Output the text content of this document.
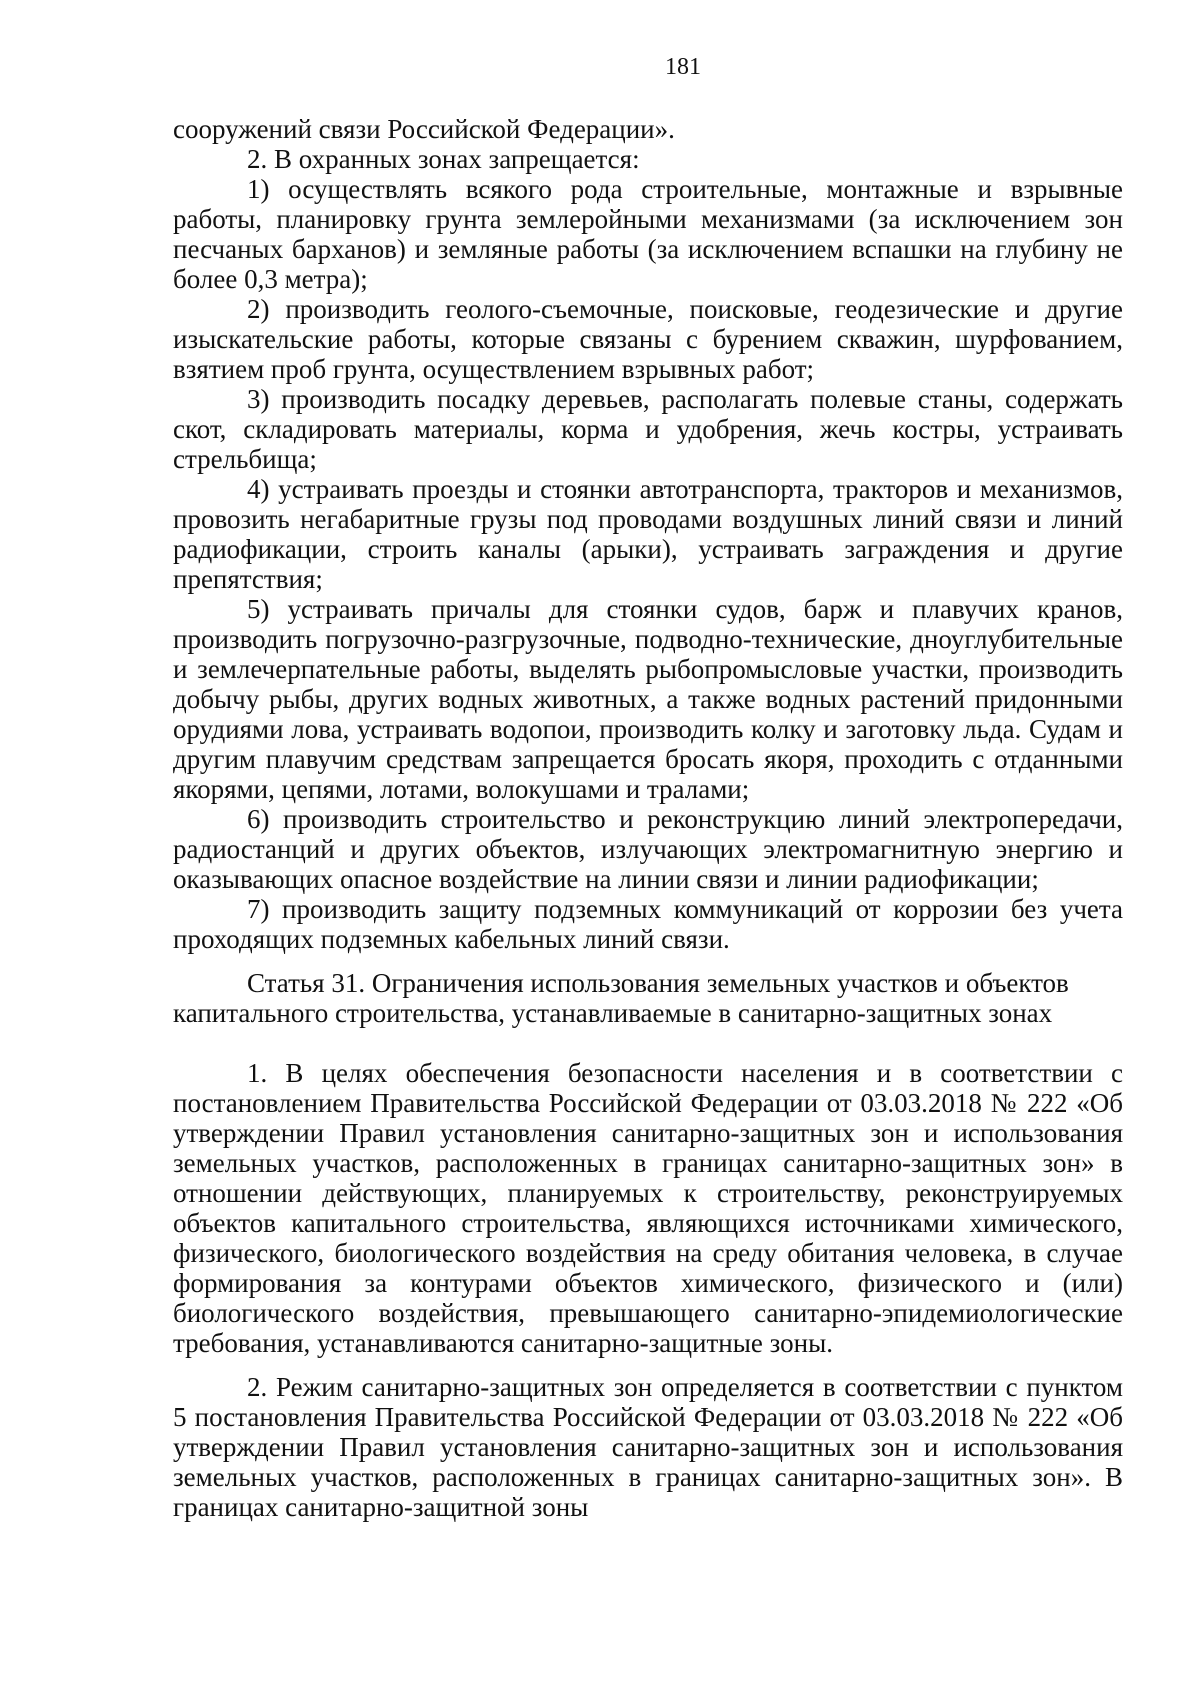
181

сооружений связи Российской Федерации».

2. В охранных зонах запрещается:

1) осуществлять всякого рода строительные, монтажные и взрывные работы, планировку грунта землеройными механизмами (за исключением зон песчаных барханов) и земляные работы (за исключением вспашки на глубину не более 0,3 метра);

2) производить геолого-съемочные, поисковые, геодезические и другие изыскательские работы, которые связаны с бурением скважин, шурфованием, взятием проб грунта, осуществлением взрывных работ;

3) производить посадку деревьев, располагать полевые станы, содержать скот, складировать материалы, корма и удобрения, жечь костры, устраивать стрельбища;

4) устраивать проезды и стоянки автотранспорта, тракторов и механизмов, провозить негабаритные грузы под проводами воздушных линий связи и линий радиофикации, строить каналы (арыки), устраивать заграждения и другие препятствия;

5) устраивать причалы для стоянки судов, барж и плавучих кранов, производить погрузочно-разгрузочные, подводно-технические, дноуглубительные и землечерпательные работы, выделять рыбопромысловые участки, производить добычу рыбы, других водных животных, а также водных растений придонными орудиями лова, устраивать водопои, производить колку и заготовку льда. Судам и другим плавучим средствам запрещается бросать якоря, проходить с отданными якорями, цепями, лотами, волокушами и тралами;

6) производить строительство и реконструкцию линий электропередачи, радиостанций и других объектов, излучающих электромагнитную энергию и оказывающих опасное воздействие на линии связи и линии радиофикации;

7) производить защиту подземных коммуникаций от коррозии без учета проходящих подземных кабельных линий связи.

Статья 31. Ограничения использования земельных участков и объектов капитального строительства, устанавливаемые в санитарно-защитных зонах

1. В целях обеспечения безопасности населения и в соответствии с постановлением Правительства Российской Федерации от 03.03.2018 № 222 «Об утверждении Правил установления санитарно-защитных зон и использования земельных участков, расположенных в границах санитарно-защитных зон» в отношении действующих, планируемых к строительству, реконструируемых объектов капитального строительства, являющихся источниками химического, физического, биологического воздействия на среду обитания человека, в случае формирования за контурами объектов химического, физического и (или) биологического воздействия, превышающего санитарно-эпидемиологические требования, устанавливаются санитарно-защитные зоны.

2. Режим санитарно-защитных зон определяется в соответствии с пунктом 5 постановления Правительства Российской Федерации от 03.03.2018 № 222 «Об утверждении Правил установления санитарно-защитных зон и использования земельных участков, расположенных в границах санитарно-защитных зон». В границах санитарно-защитной зоны
